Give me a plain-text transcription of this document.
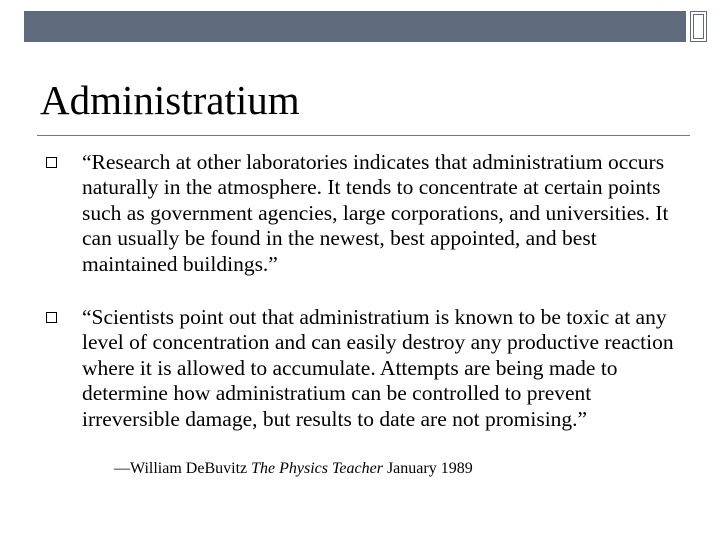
Administratium
“Research at other laboratories indicates that administratium occurs naturally in the atmosphere. It tends to concentrate at certain points such as government agencies, large corporations, and universities. It can usually be found in the newest, best appointed, and best maintained buildings.”
“Scientists point out that administratium is known to be toxic at any level of concentration and can easily destroy any productive reaction where it is allowed to accumulate. Attempts are being made to determine how administratium can be controlled to prevent irreversible damage, but results to date are not promising.”
—William DeBuvitz The Physics Teacher January 1989
